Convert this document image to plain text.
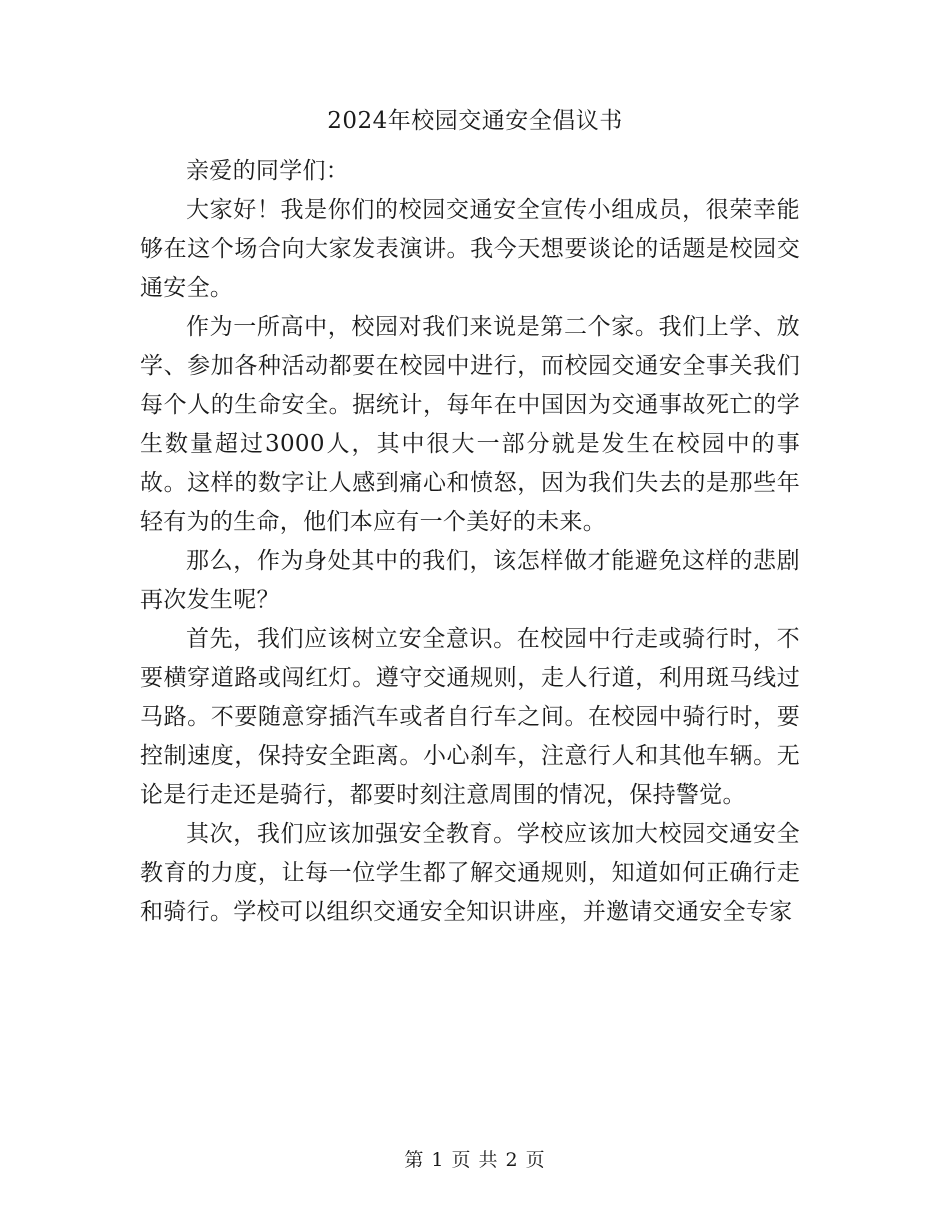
2024年校园交通安全倡议书

亲爱的同学们：

大家好！我是你们的校园交通安全宣传小组成员，很荣幸能够在这个场合向大家发表演讲。我今天想要谈论的话题是校园交通安全。

作为一所高中，校园对我们来说是第二个家。我们上学、放学、参加各种活动都要在校园中进行，而校园交通安全事关我们每个人的生命安全。据统计，每年在中国因为交通事故死亡的学生数量超过3000人，其中很大一部分就是发生在校园中的事故。这样的数字让人感到痛心和愤怒，因为我们失去的是那些年轻有为的生命，他们本应有一个美好的未来。

那么，作为身处其中的我们，该怎样做才能避免这样的悲剧再次发生呢？

首先，我们应该树立安全意识。在校园中行走或骑行时，不要横穿道路或闯红灯。遵守交通规则，走人行道，利用斑马线过马路。不要随意穿插汽车或者自行车之间。在校园中骑行时，要控制速度，保持安全距离。小心刹车，注意行人和其他车辆。无论是行走还是骑行，都要时刻注意周围的情况，保持警觉。

其次，我们应该加强安全教育。学校应该加大校园交通安全教育的力度，让每一位学生都了解交通规则，知道如何正确行走和骑行。学校可以组织交通安全知识讲座，并邀请交通安全专家

第 1 页 共 2 页
